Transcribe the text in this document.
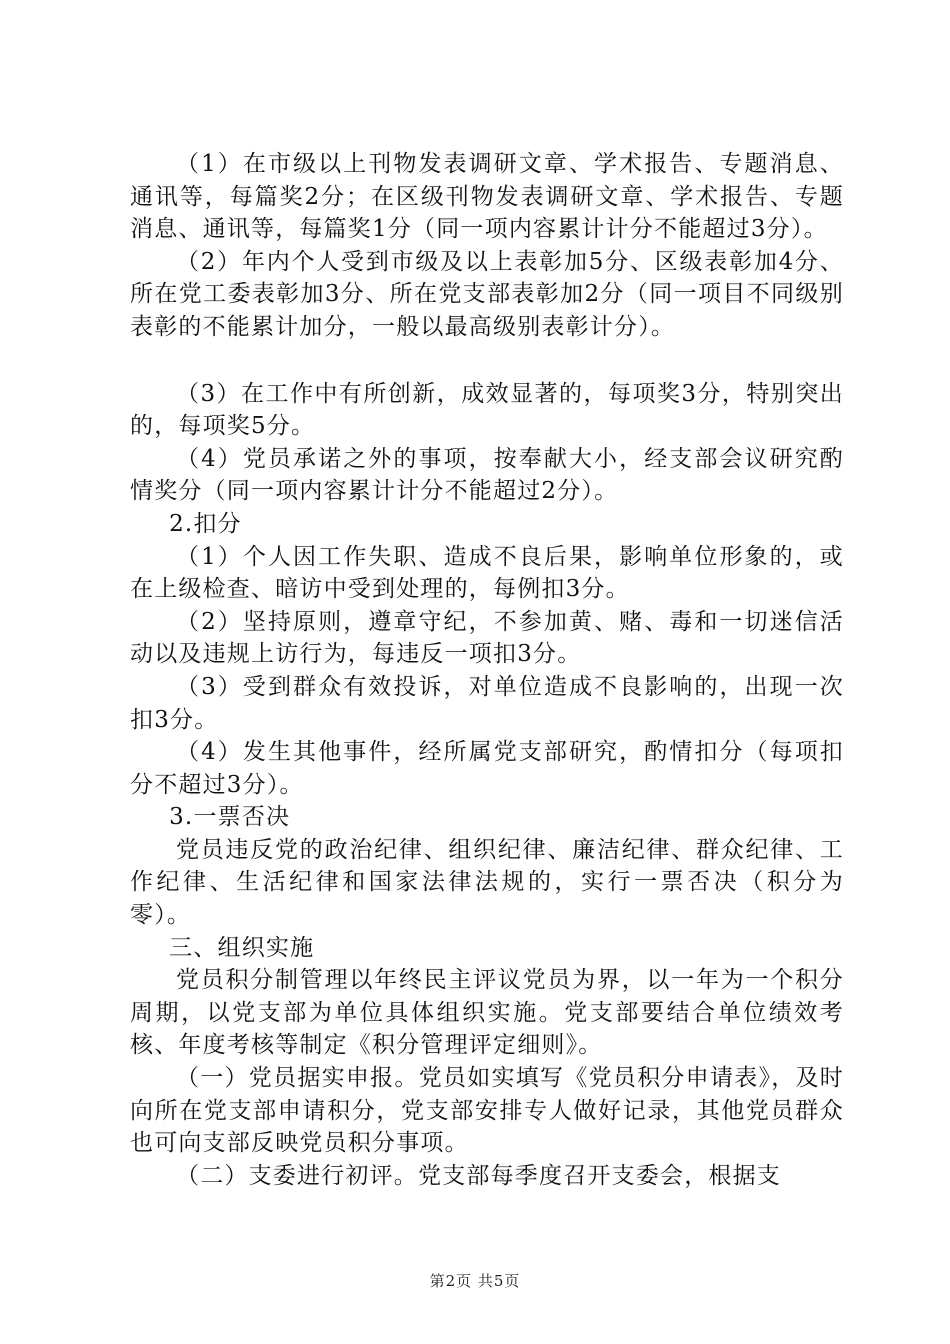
（1）在市级以上刊物发表调研文章、学术报告、专题消息、通讯等，每篇奖2分；在区级刊物发表调研文章、学术报告、专题消息、通讯等，每篇奖1分（同一项内容累计计分不能超过3分）。

（2）年内个人受到市级及以上表彰加5分、区级表彰加4分、所在党工委表彰加3分、所在党支部表彰加2分（同一项目不同级别表彰的不能累计加分，一般以最高级别表彰计分）。

（3）在工作中有所创新，成效显著的，每项奖3分，特别突出的，每项奖5分。

（4）党员承诺之外的事项，按奉献大小，经支部会议研究酌情奖分（同一项内容累计计分不能超过2分）。

2.扣分

（1）个人因工作失职、造成不良后果，影响单位形象的，或在上级检查、暗访中受到处理的，每例扣3分。

（2）坚持原则，遵章守纪，不参加黄、赌、毒和一切迷信活动以及违规上访行为，每违反一项扣3分。

（3）受到群众有效投诉，对单位造成不良影响的，出现一次扣3分。

（4）发生其他事件，经所属党支部研究，酌情扣分（每项扣分不超过3分）。

3.一票否决

党员违反党的政治纪律、组织纪律、廉洁纪律、群众纪律、工作纪律、生活纪律和国家法律法规的，实行一票否决（积分为零）。

三、组织实施

党员积分制管理以年终民主评议党员为界，以一年为一个积分周期，以党支部为单位具体组织实施。党支部要结合单位绩效考核、年度考核等制定《积分管理评定细则》。

（一）党员据实申报。党员如实填写《党员积分申请表》，及时向所在党支部申请积分，党支部安排专人做好记录，其他党员群众也可向支部反映党员积分事项。

（二）支委进行初评。党支部每季度召开支委会，根据支

第2页 共5页
